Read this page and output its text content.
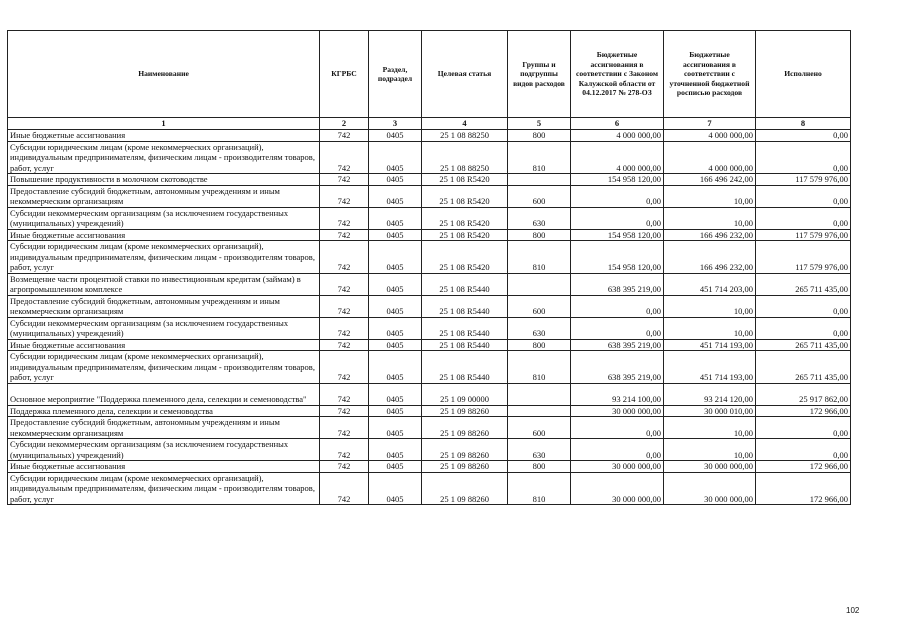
Наименование	КГРБС	Раздел, подраздел	Целевая статья	Группы и подгруппы видов расходов	Бюджетные ассигнования в соответствии с Законом Калужской области от 04.12.2017 № 278-ОЗ	Бюджетные ассигнования в соответствии с уточненной бюджетной росписью расходов	Исполнено
1	2	3	4	5	6	7	8
Иные бюджетные ассигнования	742	0405	25 1 08 88250	800	4 000 000,00	4 000 000,00	0,00
Субсидии юридическим лицам (кроме некоммерческих организаций), индивидуальным предпринимателям, физическим лицам - производителям товаров, работ, услуг	742	0405	25 1 08 88250	810	4 000 000,00	4 000 000,00	0,00
Повышение продуктивности в молочном скотоводстве	742	0405	25 1 08 R5420		154 958 120,00	166 496 242,00	117 579 976,00
Предоставление субсидий бюджетным, автономным учреждениям и иным некоммерческим организациям	742	0405	25 1 08 R5420	600	0,00	10,00	0,00
Субсидии некоммерческим организациям (за исключением государственных (муниципальных) учреждений)	742	0405	25 1 08 R5420	630	0,00	10,00	0,00
Иные бюджетные ассигнования	742	0405	25 1 08 R5420	800	154 958 120,00	166 496 232,00	117 579 976,00
Субсидии юридическим лицам (кроме некоммерческих организаций), индивидуальным предпринимателям, физическим лицам - производителям товаров, работ, услуг	742	0405	25 1 08 R5420	810	154 958 120,00	166 496 232,00	117 579 976,00
Возмещение части процентной ставки по инвестиционным кредитам (займам) в агропромышленном комплексе	742	0405	25 1 08 R5440		638 395 219,00	451 714 203,00	265 711 435,00
Предоставление субсидий бюджетным, автономным учреждениям и иным некоммерческим организациям	742	0405	25 1 08 R5440	600	0,00	10,00	0,00
Субсидии некоммерческим организациям (за исключением государственных (муниципальных) учреждений)	742	0405	25 1 08 R5440	630	0,00	10,00	0,00
Иные бюджетные ассигнования	742	0405	25 1 08 R5440	800	638 395 219,00	451 714 193,00	265 711 435,00
Субсидии юридическим лицам (кроме некоммерческих организаций), индивидуальным предпринимателям, физическим лицам - производителям товаров, работ, услуг	742	0405	25 1 08 R5440	810	638 395 219,00	451 714 193,00	265 711 435,00
Основное мероприятие "Поддержка племенного дела, селекции и семеноводства"	742	0405	25 1 09 00000		93 214 100,00	93 214 120,00	25 917 862,00
Поддержка племенного дела, селекции и семеноводства	742	0405	25 1 09 88260		30 000 000,00	30 000 010,00	172 966,00
Предоставление субсидий бюджетным, автономным учреждениям и иным некоммерческим организациям	742	0405	25 1 09 88260	600	0,00	10,00	0,00
Субсидии некоммерческим организациям (за исключением государственных (муниципальных) учреждений)	742	0405	25 1 09 88260	630	0,00	10,00	0,00
Иные бюджетные ассигнования	742	0405	25 1 09 88260	800	30 000 000,00	30 000 000,00	172 966,00
Субсидии юридическим лицам (кроме некоммерческих организаций), индивидуальным предпринимателям, физическим лицам - производителям товаров, работ, услуг	742	0405	25 1 09 88260	810	30 000 000,00	30 000 000,00	172 966,00
102
